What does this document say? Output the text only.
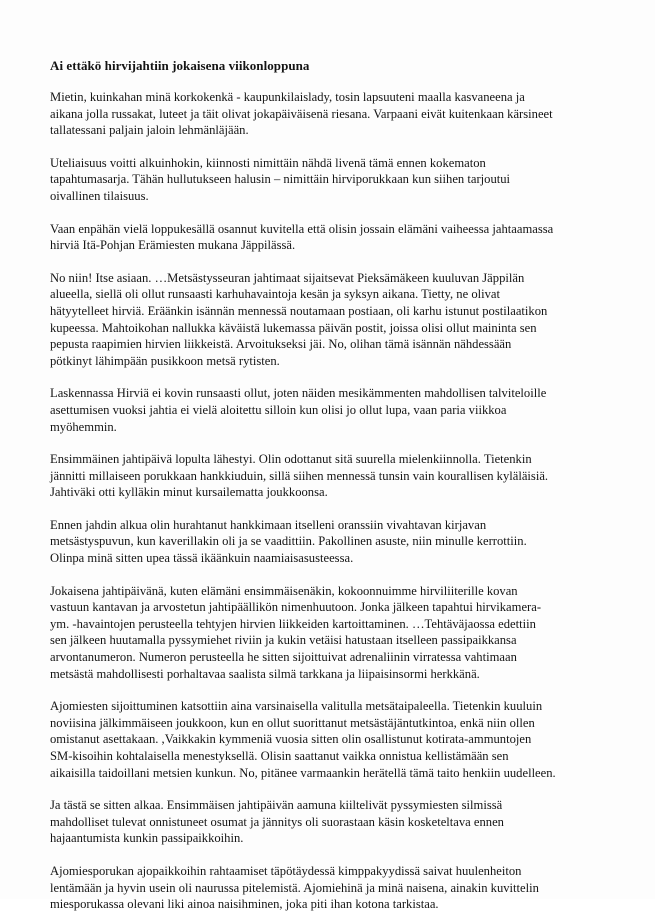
Ai ettäkö hirvijahtiin jokaisena viikonloppuna

Mietin, kuinkahan minä korkokenkä - kaupunkilaislady, tosin lapsuuteni maalla kasvaneena ja
aikana jolla russakat, luteet ja täit olivat jokapäiväisenä riesana. Varpaani eivät kuitenkaan kärsineet
tallatessani paljain jaloin lehmänläjään.

Uteliaisuus voitti alkuinhokin, kiinnosti nimittäin nähdä livenä tämä ennen kokematon
tapahtumasarja. Tähän hullutukseen halusin – nimittäin hirviporukkaan kun siihen tarjoutui
oivallinen tilaisuus.

Vaan enpähän vielä loppukesällä osannut kuvitella että olisin jossain elämäni vaiheessa jahtaamassa
hirviä Itä-Pohjan Erämiesten mukana Jäppilässä.

No niin! Itse asiaan. …Metsästysseuran jahtimaat sijaitsevat Pieksämäkeen kuuluvan Jäppilän
alueella, siellä oli ollut runsaasti karhuhavaintoja kesän ja syksyn aikana. Tietty, ne olivat
hätyytelleet hirviä. Eräänkin isännän mennessä noutamaan postiaan, oli karhu istunut postilaatikon
kupeessa. Mahtoikohan nallukka käväistä lukemassa päivän postit, joissa olisi ollut maininta sen
pepusta raapimien hirvien liikkeistä. Arvoitukseksi jäi. No, olihan tämä isännän nähdessään
pötkinyt lähimpään pusikkoon metsä rytisten.

Laskennassa Hirviä ei kovin runsaasti ollut, joten näiden mesikämmenten mahdollisen talviteloille
asettumisen vuoksi jahtia ei vielä aloitettu silloin kun olisi jo ollut lupa, vaan paria viikkoa
myöhemmin.

Ensimmäinen jahtipäivä lopulta lähestyi. Olin odottanut sitä suurella mielenkiinnolla. Tietenkin
jännitti millaiseen porukkaan hankkiuduin, sillä siihen mennessä tunsin vain kourallisen kyläläisiä.
Jahtiväki otti kylläkin minut kursailematta joukkoonsa.

Ennen jahdin alkua olin hurahtanut hankkimaan itselleni oranssiin vivahtavan kirjavan
metsästyspuvun, kun kaverillakin oli ja se vaadittiin. Pakollinen asuste, niin minulle kerrottiin.
Olinpa minä sitten upea tässä ikäänkuin naamiaisasusteessa.

Jokaisena jahtipäivänä, kuten elämäni ensimmäisenäkin, kokoonnuimme hirviliiterille kovan
vastuun kantavan ja arvostetun jahtipäällikön nimenhuutoon. Jonka jälkeen tapahtui hirvikamera-
ym. -havaintojen perusteella tehtyjen hirvien liikkeiden kartoittaminen. …Tehtäväjaossa edettiin
sen jälkeen huutamalla pyssymiehet riviin ja kukin vetäisi hatustaan itselleen passipaikkansa
arvontanumeron. Numeron perusteella he sitten sijoittuivat adrenaliinin virratessa vahtimaan
metsästä mahdollisesti porhaltavaa saalista silmä tarkkana ja liipaisinsormi herkkänä.

Ajomiesten sijoittuminen katsottiin aina varsinaisella valitulla metsätaipaleella. Tietenkin kuuluin
noviisina jälkimmäiseen joukkoon, kun en ollut suorittanut metsästäjäntutkintoa, enkä niin ollen
omistanut asettakaan. ,Vaikkakin kymmeniä vuosia sitten olin osallistunut kotirata-ammuntojen
SM-kisoihin kohtalaisella menestyksellä. Olisin saattanut vaikka onnistua kellistämään sen
aikaisilla taidoillani metsien kunkun. No, pitänee varmaankin herätellä tämä taito henkiin uudelleen.

Ja tästä se sitten alkaa. Ensimmäisen jahtipäivän aamuna kiiltelivät pyssymiesten silmissä
mahdolliset tulevat onnistuneet osumat ja jännitys oli suorastaan käsin kosketeltava ennen
hajaantumista kunkin passipaikkoihin.

Ajomiesporukan ajopaikkoihin rahtaamiset täpötäydessä kimppakyydissä saivat huulenheiton
lentämään ja hyvin usein oli naurussa pitelemistä. Ajomiehinä ja minä naisena, ainakin kuvittelin
miesporukassa olevani liki ainoa naisihminen, joka piti ihan kotona tarkistaa.
